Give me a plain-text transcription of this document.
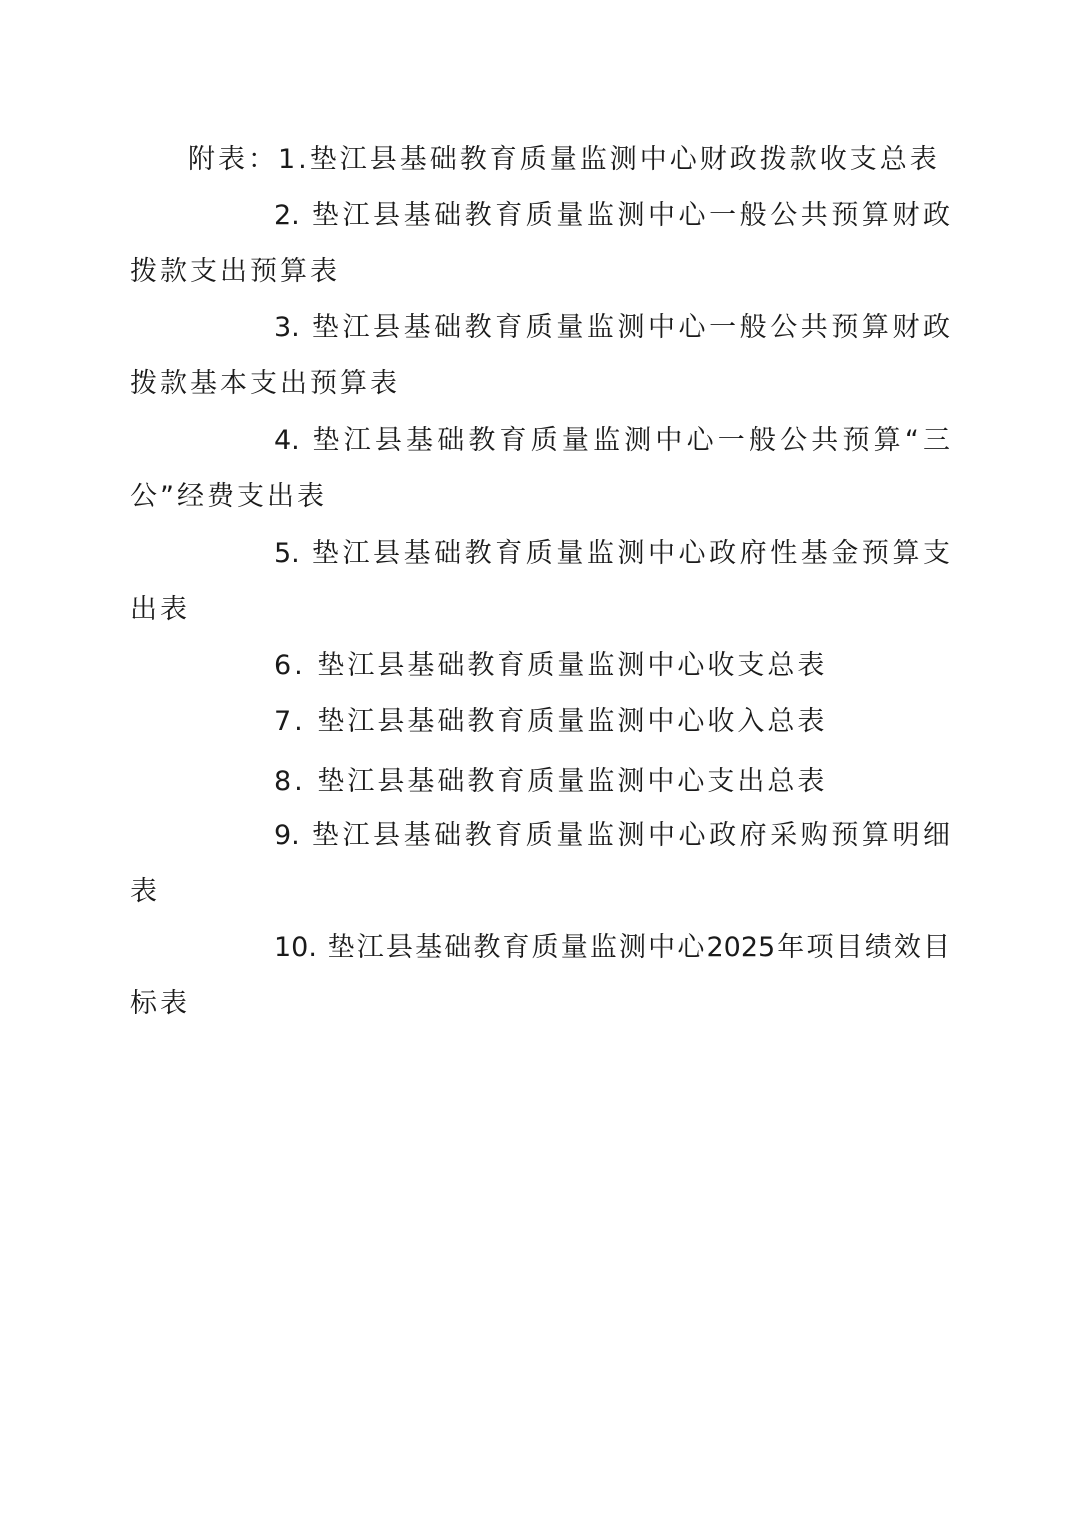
附表：1.垫江县基础教育质量监测中心财政拨款收支总表
2. 垫江县基础教育质量监测中心一般公共预算财政
拨款支出预算表
3. 垫江县基础教育质量监测中心一般公共预算财政
拨款基本支出预算表
4. 垫江县基础教育质量监测中心一般公共预算“三
公”经费支出表
5. 垫江县基础教育质量监测中心政府性基金预算支
出表
6. 垫江县基础教育质量监测中心收支总表
7. 垫江县基础教育质量监测中心收入总表
8. 垫江县基础教育质量监测中心支出总表
9. 垫江县基础教育质量监测中心政府采购预算明细
表
10. 垫江县基础教育质量监测中心2025年项目绩效目
标表
